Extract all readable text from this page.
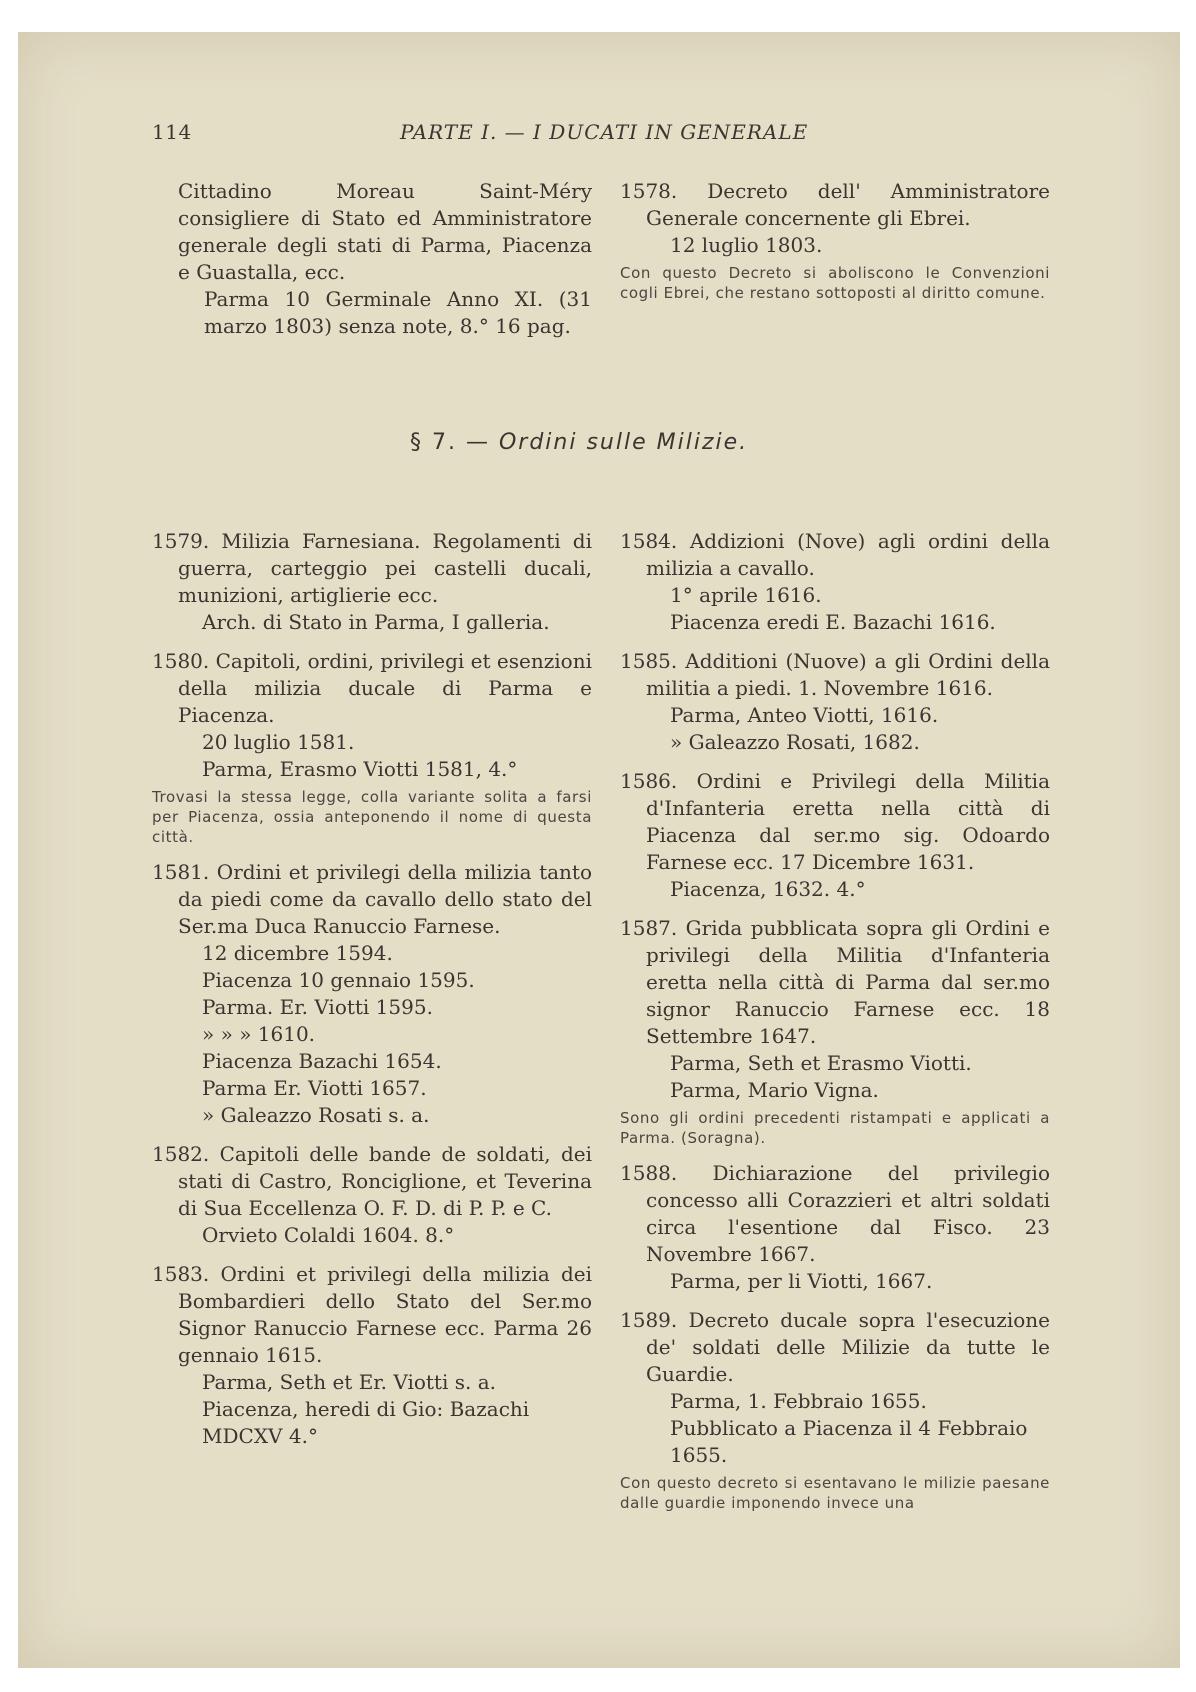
114	PARTE I. — I DUCATI IN GENERALE

Cittadino Moreau Saint-Méry consigliere di Stato ed Amministratore generale degli stati di Parma, Piacenza e Guastalla, ecc.

Parma 10 Germinale Anno XI. (31 marzo 1803) senza note, 8.° 16 pag.

1578. Decreto dell' Amministratore Generale concernente gli Ebrei.

12 luglio 1803.

Con questo Decreto si aboliscono le Convenzioni cogli Ebrei, che restano sottoposti al diritto comune.

§ 7. — Ordini sulle Milizie.

1579. Milizia Farnesiana. Regolamenti di guerra, carteggio pei castelli ducali, munizioni, artiglierie ecc.

Arch. di Stato in Parma, I galleria.

1580. Capitoli, ordini, privilegi et esenzioni della milizia ducale di Parma e Piacenza.

20 luglio 1581.

Parma, Erasmo Viotti 1581, 4.°

Trovasi la stessa legge, colla variante solita a farsi per Piacenza, ossia anteponendo il nome di questa città.

1581. Ordini et privilegi della milizia tanto da piedi come da cavallo dello stato del Ser.ma Duca Ranuccio Farnese.

12 dicembre 1594.

Piacenza 10 gennaio 1595.

Parma. Er. Viotti 1595.

» » » 1610.

Piacenza Bazachi 1654.

Parma Er. Viotti 1657.

» Galeazzo Rosati s. a.

1582. Capitoli delle bande de soldati, dei stati di Castro, Ronciglione, et Teverina di Sua Eccellenza O. F. D. di P. P. e C.

Orvieto Colaldi 1604. 8.°

1583. Ordini et privilegi della milizia dei Bombardieri dello Stato del Ser.mo Signor Ranuccio Farnese ecc. Parma 26 gennaio 1615.

Parma, Seth et Er. Viotti s. a.

Piacenza, heredi di Gio: Bazachi MDCXV 4.°

1584. Addizioni (Nove) agli ordini della milizia a cavallo.

1° aprile 1616.

Piacenza eredi E. Bazachi 1616.

1585. Additioni (Nuove) a gli Ordini della militia a piedi. 1. Novembre 1616.

Parma, Anteo Viotti, 1616.

» Galeazzo Rosati, 1682.

1586. Ordini e Privilegi della Militia d'Infanteria eretta nella città di Piacenza dal ser.mo sig. Odoardo Farnese ecc. 17 Dicembre 1631.

Piacenza, 1632. 4.°

1587. Grida pubblicata sopra gli Ordini e privilegi della Militia d'Infanteria eretta nella città di Parma dal ser.mo signor Ranuccio Farnese ecc. 18 Settembre 1647.

Parma, Seth et Erasmo Viotti.

Parma, Mario Vigna.

Sono gli ordini precedenti ristampati e applicati a Parma. (Soragna).

1588. Dichiarazione del privilegio concesso alli Corazzieri et altri soldati circa l'esentione dal Fisco. 23 Novembre 1667.

Parma, per li Viotti, 1667.

1589. Decreto ducale sopra l'esecuzione de' soldati delle Milizie da tutte le Guardie.

Parma, 1. Febbraio 1655.

Pubblicato a Piacenza il 4 Febbraio 1655.

Con questo decreto si esentavano le milizie paesane dalle guardie imponendo invece una
